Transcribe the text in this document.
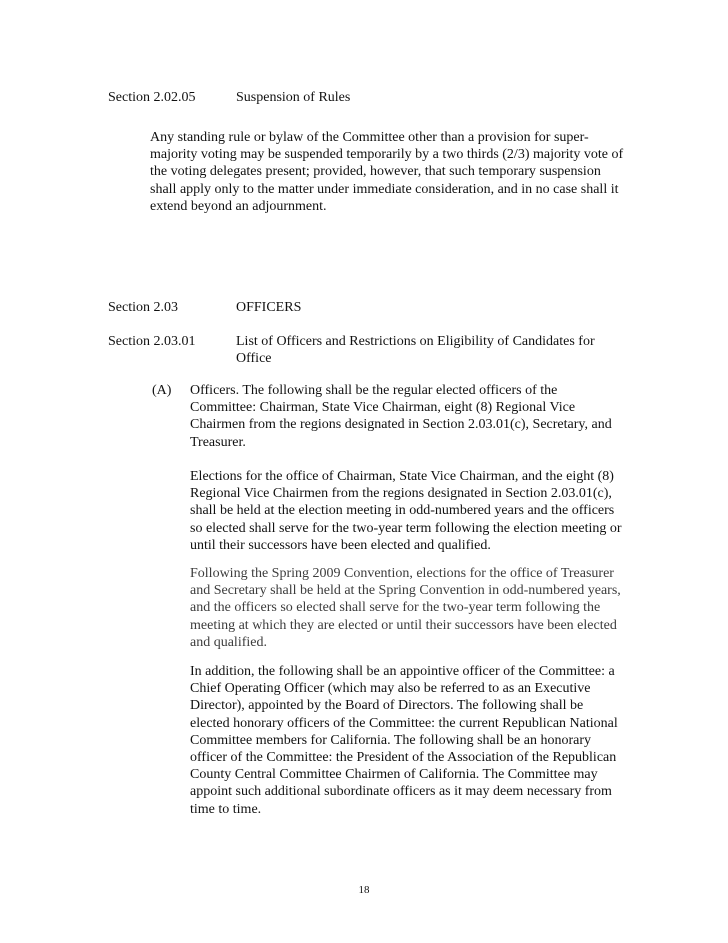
Section 2.02.05	Suspension of Rules

Any standing rule or bylaw of the Committee other than a provision for super-majority voting may be suspended temporarily by a two thirds (2/3) majority vote of the voting delegates present; provided, however, that such temporary suspension shall apply only to the matter under immediate consideration, and in no case shall it extend beyond an adjournment.

Section 2.03	OFFICERS
Section 2.03.01	List of Officers and Restrictions on Eligibility of Candidates for Office
(A) Officers. The following shall be the regular elected officers of the Committee: Chairman, State Vice Chairman, eight (8) Regional Vice Chairmen from the regions designated in Section 2.03.01(c), Secretary, and Treasurer.

Elections for the office of Chairman, State Vice Chairman, and the eight (8) Regional Vice Chairmen from the regions designated in Section 2.03.01(c), shall be held at the election meeting in odd-numbered years and the officers so elected shall serve for the two-year term following the election meeting or until their successors have been elected and qualified.

Following the Spring 2009 Convention, elections for the office of Treasurer and Secretary shall be held at the Spring Convention in odd-numbered years, and the officers so elected shall serve for the two-year term following the meeting at which they are elected or until their successors have been elected and qualified.

In addition, the following shall be an appointive officer of the Committee: a Chief Operating Officer (which may also be referred to as an Executive Director), appointed by the Board of Directors. The following shall be elected honorary officers of the Committee: the current Republican National Committee members for California. The following shall be an honorary officer of the Committee: the President of the Association of the Republican County Central Committee Chairmen of California. The Committee may appoint such additional subordinate officers as it may deem necessary from time to time.

18
